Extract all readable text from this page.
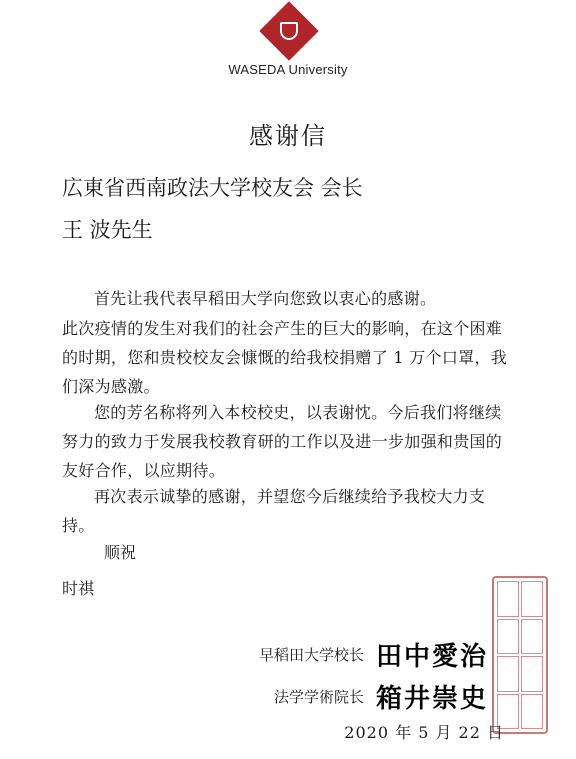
WASEDA University
感谢信
広東省西南政法大学校友会 会长
王 波先生

首先让我代表早稻田大学向您致以衷心的感谢。

此次疫情的发生对我们的社会产生的巨大的影响，在这个困难的时期，您和贵校校友会慷慨的给我校捐赠了 1 万个口罩，我们深为感激。

您的芳名称将列入本校校史，以表谢忱。今后我们将继续努力的致力于发展我校教育研的工作以及进一步加强和贵国的友好合作，以应期待。

再次表示诚挚的感谢，并望您今后继续给予我校大力支持。

顺祝
时祺
早稻田大学校长 田中愛治
法学学術院长 箱井崇史
2020 年 5 月 22 日
